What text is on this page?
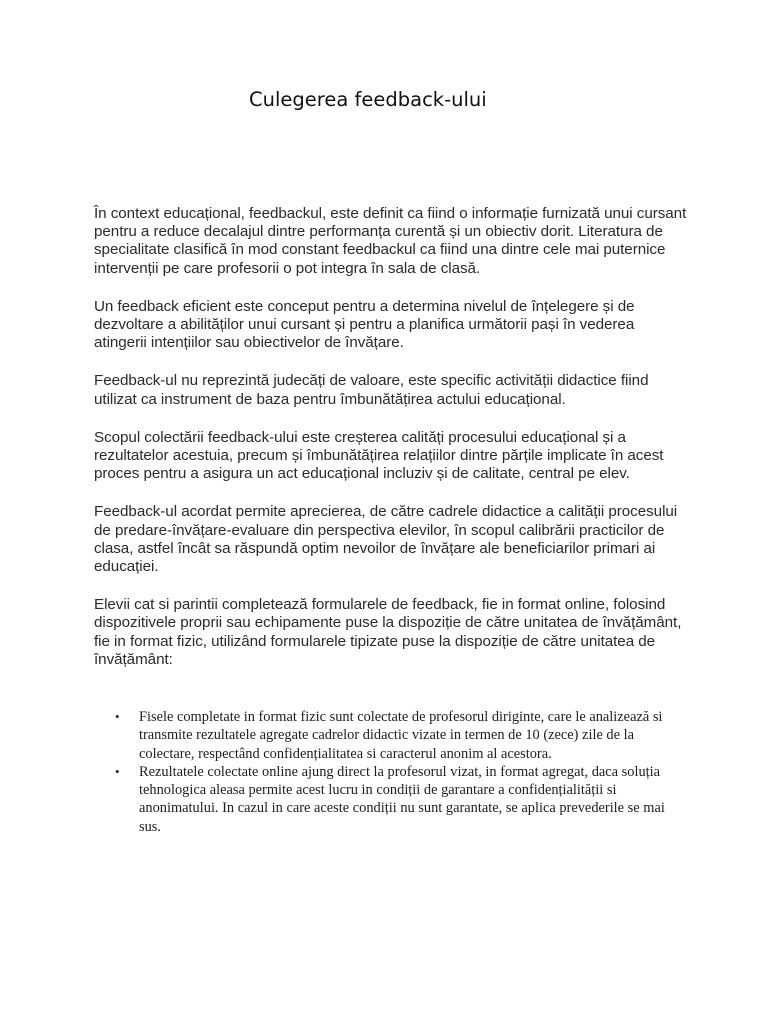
Culegerea feedback-ului

În context educațional, feedbackul, este definit ca fiind o informație furnizată unui cursant pentru a reduce decalajul dintre performanța curentă și un obiectiv dorit. Literatura de specialitate clasifică în mod constant feedbackul ca fiind una dintre cele mai puternice intervenții pe care profesorii o pot integra în sala de clasă.

Un feedback eficient este conceput pentru a determina nivelul de înțelegere și de dezvoltare a abilităților unui cursant și pentru a planifica următorii pași în vederea atingerii intențiilor sau obiectivelor de învățare.

Feedback-ul nu reprezintă judecăți de valoare, este specific activității didactice fiind utilizat ca instrument de baza pentru îmbunătățirea actului educațional.

Scopul colectării feedback-ului este creșterea calități procesului educațional și a rezultatelor acestuia, precum și îmbunătățirea relațiilor dintre părțile implicate în acest proces pentru a asigura un act educațional incluziv și de calitate, central pe elev.

Feedback-ul acordat permite aprecierea, de către cadrele didactice a calității procesului de predare-învățare-evaluare din perspectiva elevilor, în scopul calibrării practicilor de clasa, astfel încât sa răspundă optim nevoilor de învățare ale beneficiarilor primari ai educației.

Elevii cat si parintii completează formularele de feedback, fie in format online, folosind dispozitivele proprii sau echipamente puse la dispoziție de către unitatea de învățământ, fie in format fizic, utilizând formularele tipizate puse la dispoziție de către unitatea de învățământ:

• Fisele completate in format fizic sunt colectate de profesorul diriginte, care le analizează si transmite rezultatele agregate cadrelor didactic vizate in termen de 10 (zece) zile de la colectare, respectând confidențialitatea si caracterul anonim al acestora.
• Rezultatele colectate online ajung direct la profesorul vizat, in format agregat, daca soluția tehnologica aleasa permite acest lucru in condiții de garantare a confidențialității si anonimatului. In cazul in care aceste condiții nu sunt garantate, se aplica prevederile se mai sus.
